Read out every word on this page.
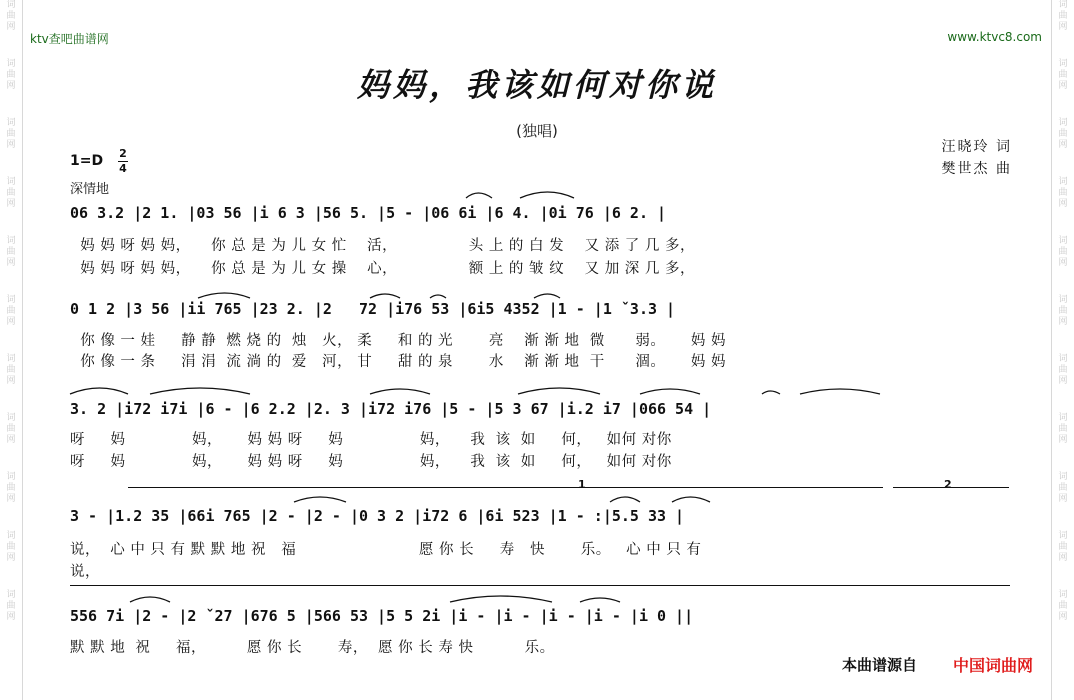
词
曲
网
词
曲
网
词
曲
网
词
曲
网
词
曲
网
词
曲
网
词
曲
网
词
曲
网
词
曲
网
词
曲
网
词
曲
网
词
曲
网
词
曲
网
词
曲
网
词
曲
网
词
曲
网
词
曲
网
词
曲
网
词
曲
网
词
曲
网
词
曲
网
词
曲
网
ktv查吧曲谱网	www.ktvc8.com
妈妈，我该如何对你说
(独唱)
汪晓玲 词
樊世杰 曲
1=D 2
4
深情地
06 3.2 |2 1. |03 56 |i 6 3 |56 5. |5 - |06 6i |6 4. |0i 76 |6 2. |
妈 妈 呀 妈 妈，    你 总 是 为 儿 女 忙    活，              头 上 的 白 发    又 添 了 几 多，
妈 妈 呀 妈 妈，    你 总 是 为 儿 女 操    心，              额 上 的 皱 纹    又 加 深 几 多，
0 1 2 |3 56 |ii 765 |23 2. |2   72 |i76 53 |6i5 4352 |1 - |1 ˇ3.3 |
你 像 一 娃     静 静  燃 烧 的  烛   火， 柔     和 的 光       亮    渐 渐 地  微      弱。     妈 妈
你 像 一 条     涓 涓  流 淌 的  爱   河， 甘     甜 的 泉       水    渐 渐 地  干      涸。     妈 妈
3. 2 |i72 i7i |6 - |6 2.2 |2. 3 |i72 i76 |5 - |5 3 67 |i.2 i7 |066 54 |
呀     妈             妈，     妈 妈 呀     妈               妈，    我  该  如     何，   如何 对你
呀     妈             妈，     妈 妈 呀     妈               妈，    我  该  如     何，   如何 对你
1	2
3 - |1.2 35 |66i 765 |2 - |2 - |0 3 2 |i72 6 |6i 523 |1 - :|5.5 33 |
说，  心 中 只 有 默 默 地 祝   福                        愿 你 长     寿   快       乐。   心 中 只 有
说，
556 7i |2 - |2 ˇ27 |676 5 |566 53 |5 5 2i |i - |i - |i - |i - |i 0 ||
默 默 地  祝     福，        愿 你 长       寿，  愿 你 长 寿 快          乐。
本曲谱源自 中国词曲网
